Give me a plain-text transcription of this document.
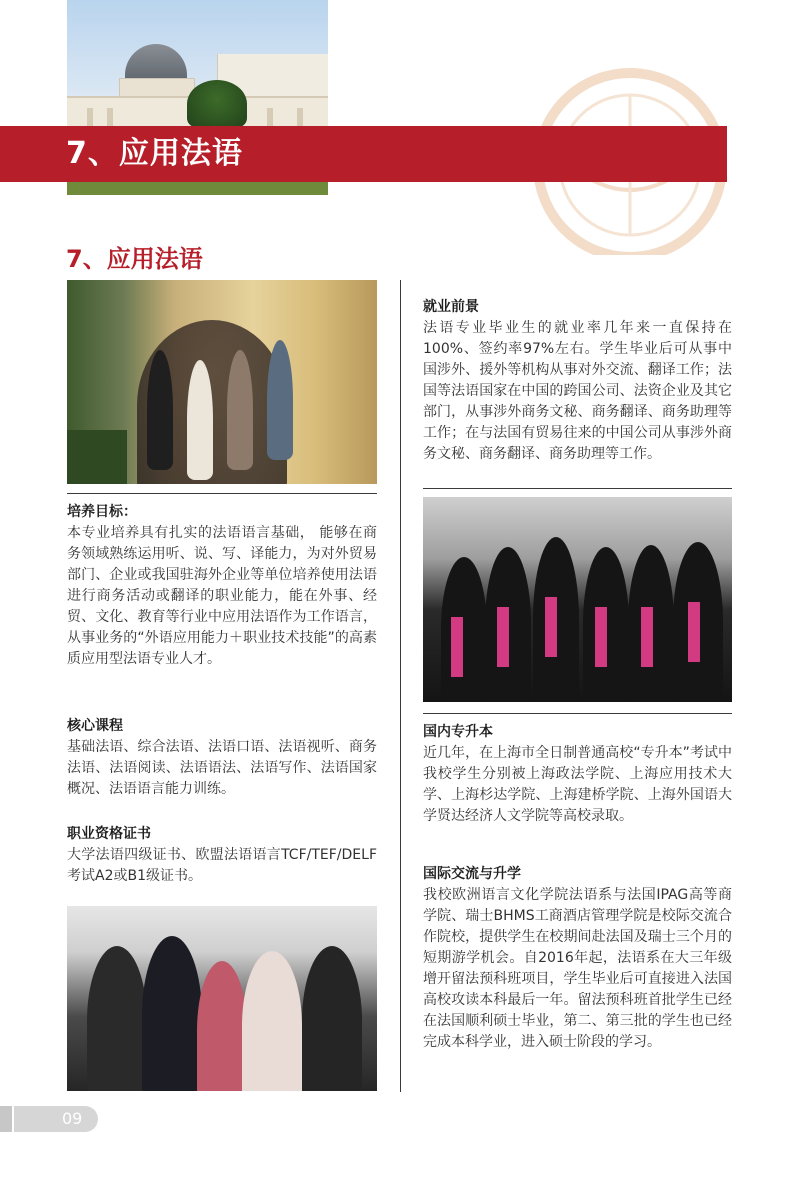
7、应用法语
7、应用法语
培养目标：

本专业培养具有扎实的法语语言基础， 能够在商务领域熟练运用听、说、写、译能力，为对外贸易部门、企业或我国驻海外企业等单位培养使用法语进行商务活动或翻译的职业能力，能在外事、经贸、文化、教育等行业中应用法语作为工作语言，从事业务的“外语应用能力＋职业技术技能”的高素质应用型法语专业人才。

核心课程

基础法语、综合法语、法语口语、法语视听、商务法语、法语阅读、法语语法、法语写作、法语国家概况、法语语言能力训练。

职业资格证书

大学法语四级证书、欧盟法语语言TCF/TEF/DELF考试A2或B1级证书。

就业前景

法语专业毕业生的就业率几年来一直保持在100%、签约率97%左右。学生毕业后可从事中国涉外、援外等机构从事对外交流、翻译工作；法国等法语国家在中国的跨国公司、法资企业及其它部门，从事涉外商务文秘、商务翻译、商务助理等工作；在与法国有贸易往来的中国公司从事涉外商务文秘、商务翻译、商务助理等工作。

国内专升本

近几年，在上海市全日制普通高校“专升本”考试中我校学生分别被上海政法学院、上海应用技术大学、上海杉达学院、上海建桥学院、上海外国语大学贤达经济人文学院等高校录取。

国际交流与升学

我校欧洲语言文化学院法语系与法国IPAG高等商学院、瑞士BHMS工商酒店管理学院是校际交流合作院校，提供学生在校期间赴法国及瑞士三个月的短期游学机会。自2016年起，法语系在大三年级增开留法预科班项目，学生毕业后可直接进入法国高校攻读本科最后一年。留法预科班首批学生已经在法国顺利硕士毕业，第二、第三批的学生也已经完成本科学业，进入硕士阶段的学习。

09
